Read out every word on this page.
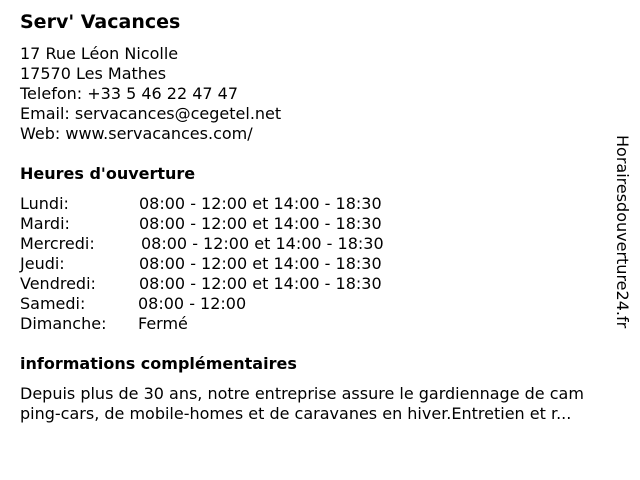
Serv' Vacances
17 Rue Léon Nicolle
17570 Les Mathes
Telefon: +33 5 46 22 47 47
Email: servacances@cegetel.net
Web: www.servacances.com/
Heures d'ouverture
Lundi:	08:00 - 12:00 et 14:00 - 18:30
Mardi:	08:00 - 12:00 et 14:00 - 18:30
Mercredi:	08:00 - 12:00 et 14:00 - 18:30
Jeudi:	08:00 - 12:00 et 14:00 - 18:30
Vendredi:	08:00 - 12:00 et 14:00 - 18:30
Samedi:	08:00 - 12:00
Dimanche: Fermé
informations complémentaires
Depuis plus de 30 ans, notre entreprise assure le gardiennage de cam
ping-cars, de mobile-homes et de caravanes en hiver.Entretien et r...
Horairesdouverture24.fr
